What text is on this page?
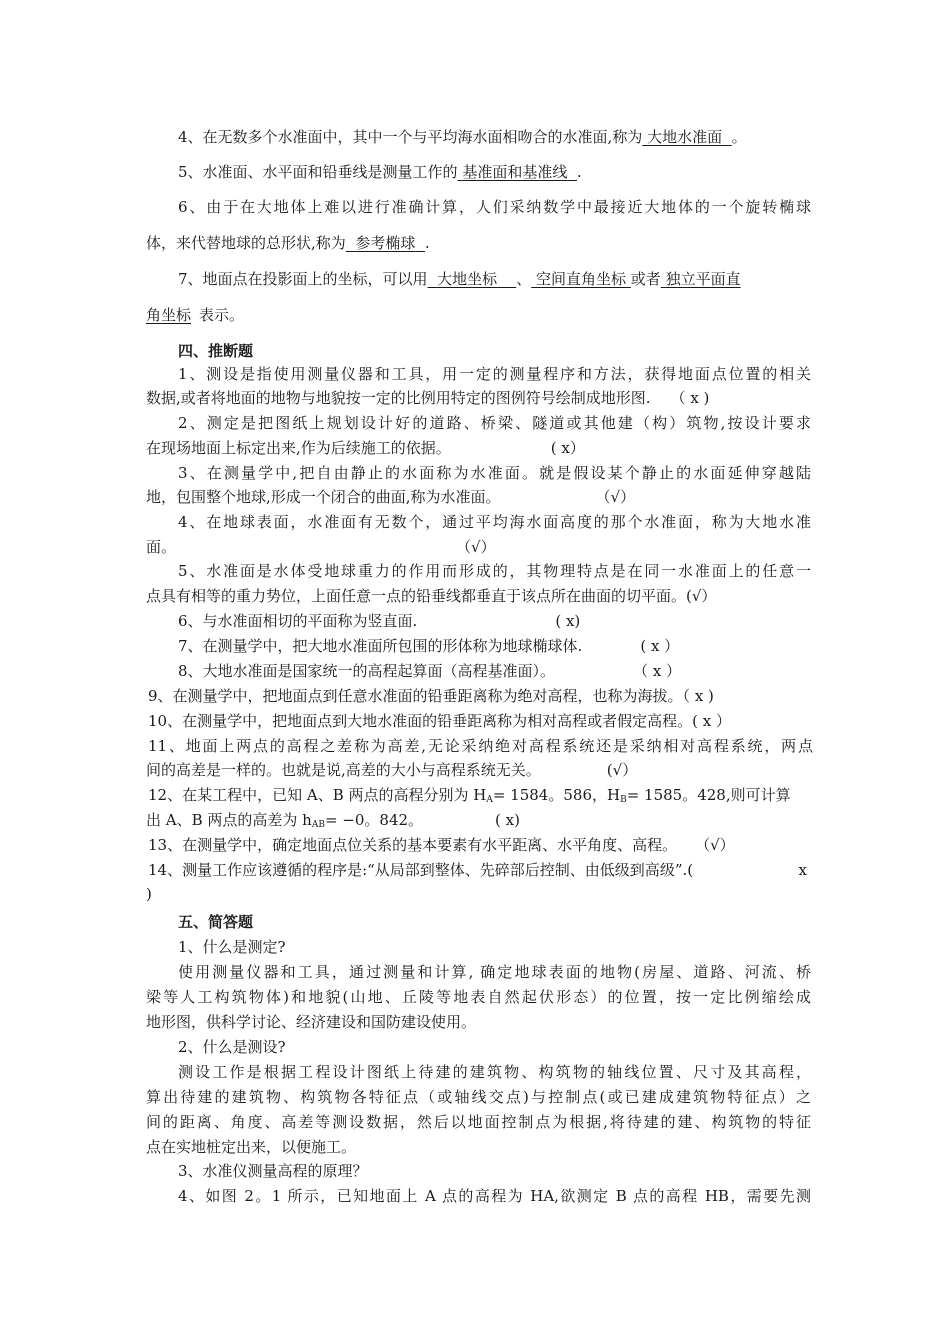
4、在无数多个水准面中，其中一个与平均海水面相吻合的水准面,称为 大地水准面 。
5、水准面、水平面和铅垂线是测量工作的 基准面和基准线 .
6、由于在大地体上难以进行准确计算，人们采纳数学中最接近大地体的一个旋转椭球
体，来代替地球的总形状,称为 参考椭球 .
7、地面点在投影面上的坐标，可以用 大地坐标 、 空间直角坐标 或者 独立平面直
角坐标 表示。
四、推断题
1、测设是指使用测量仪器和工具，用一定的测量程序和方法，获得地面点位置的相关
数据,或者将地面的地物与地貌按一定的比例用特定的图例符号绘制成地形图. （ x )
2、测定是把图纸上规划设计好的道路、桥梁、隧道或其他建（构）筑物,按设计要求
在现场地面上标定出来,作为后续施工的依据。	( x）
3、在测量学中,把自由静止的水面称为水准面。就是假设某个静止的水面延伸穿越陆
地，包围整个地球,形成一个闭合的曲面,称为水准面。	（√）
4、在地球表面，水准面有无数个，通过平均海水面高度的那个水准面，称为大地水准
面。	（√）
5、水准面是水体受地球重力的作用而形成的，其物理特点是在同一水准面上的任意一
点具有相等的重力势位，上面任意一点的铅垂线都垂直于该点所在曲面的切平面。(√）
6、与水准面相切的平面称为竖直面.	( x)
7、在测量学中，把大地水准面所包围的形体称为地球椭球体.	( x ）
8、大地水准面是国家统一的高程起算面（高程基准面）。	（ x ）
9、在测量学中，把地面点到任意水准面的铅垂距离称为绝对高程，也称为海拔。（ x )
10、在测量学中，把地面点到大地水准面的铅垂距离称为相对高程或者假定高程。( x ）
11、地面上两点的高程之差称为高差,无论采纳绝对高程系统还是采纳相对高程系统，两点
间的高差是一样的。也就是说,高差的大小与高程系统无关。	(√）
12、在某工程中，已知 A、B 两点的高程分别为 $H_A= 1584$。586，$H_B= 1585$。428,则可计算
出 A、B 两点的高差为 $h_{AB}= -0$。842。	( x)
13、在测量学中，确定地面点位关系的基本要素有水平距离、水平角度、高程。 （√）
14、测量工作应该遵循的程序是:“从局部到整体、先碎部后控制、由低级到高级”.(	x
)
五、简答题
1、什么是测定?
使用测量仪器和工具，通过测量和计算, 确定地球表面的地物(房屋、道路、河流、桥
梁等人工构筑物体)和地貌(山地、丘陵等地表自然起伏形态）的位置，按一定比例缩绘成
地形图，供科学讨论、经济建设和国防建设使用。
2、什么是测设?
测设工作是根据工程设计图纸上待建的建筑物、构筑物的轴线位置、尺寸及其高程，
算出待建的建筑物、构筑物各特征点（或轴线交点)与控制点(或已建成建筑物特征点）之
间的距离、角度、高差等测设数据，然后以地面控制点为根据,将待建的建、构筑物的特征
点在实地桩定出来，以便施工。
3、水准仪测量高程的原理？
4、如图 2。1 所示，已知地面上 A 点的高程为 HA,欲测定 B 点的高程 HB，需要先测
